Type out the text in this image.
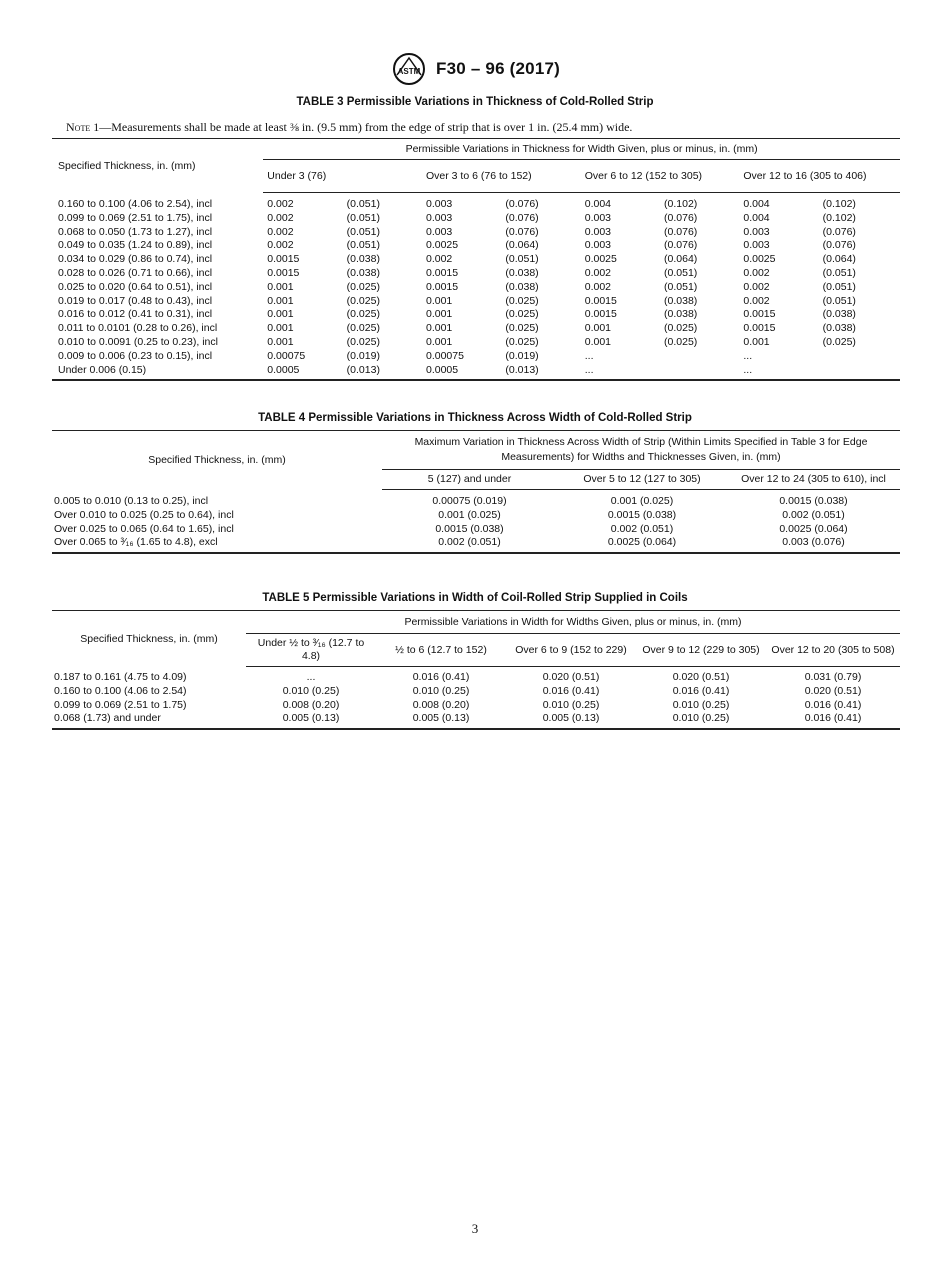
ASTM F30 – 96 (2017)
TABLE 3 Permissible Variations in Thickness of Cold-Rolled Strip
Note 1—Measurements shall be made at least ⅜ in. (9.5 mm) from the edge of strip that is over 1 in. (25.4 mm) wide.
Specified Thickness, in. (mm)	Permissible Variations in Thickness for Width Given, plus or minus, in. (mm)							
	Under 3 (76)		Over 3 to 6 (76 to 152)		Over 6 to 12 (152 to 305)		Over 12 to 16 (305 to 406)	
0.160 to 0.100 (4.06 to 2.54), incl	0.002	(0.051)	0.003	(0.076)	0.004	(0.102)	0.004	(0.102)
0.099 to 0.069 (2.51 to 1.75), incl	0.002	(0.051)	0.003	(0.076)	0.003	(0.076)	0.004	(0.102)
0.068 to 0.050 (1.73 to 1.27), incl	0.002	(0.051)	0.003	(0.076)	0.003	(0.076)	0.003	(0.076)
0.049 to 0.035 (1.24 to 0.89), incl	0.002	(0.051)	0.0025	(0.064)	0.003	(0.076)	0.003	(0.076)
0.034 to 0.029 (0.86 to 0.74), incl	0.0015	(0.038)	0.002	(0.051)	0.0025	(0.064)	0.0025	(0.064)
0.028 to 0.026 (0.71 to 0.66), incl	0.0015	(0.038)	0.0015	(0.038)	0.002	(0.051)	0.002	(0.051)
0.025 to 0.020 (0.64 to 0.51), incl	0.001	(0.025)	0.0015	(0.038)	0.002	(0.051)	0.002	(0.051)
0.019 to 0.017 (0.48 to 0.43), incl	0.001	(0.025)	0.001	(0.025)	0.0015	(0.038)	0.002	(0.051)
0.016 to 0.012 (0.41 to 0.31), incl	0.001	(0.025)	0.001	(0.025)	0.0015	(0.038)	0.0015	(0.038)
0.011 to 0.0101 (0.28 to 0.26), incl	0.001	(0.025)	0.001	(0.025)	0.001	(0.025)	0.0015	(0.038)
0.010 to 0.0091 (0.25 to 0.23), incl	0.001	(0.025)	0.001	(0.025)	0.001	(0.025)	0.001	(0.025)
0.009 to 0.006 (0.23 to 0.15), incl	0.00075	(0.019)	0.00075	(0.019)	...		...	
Under 0.006 (0.15)	0.0005	(0.013)	0.0005	(0.013)	...		...	
TABLE 4 Permissible Variations in Thickness Across Width of Cold-Rolled Strip
Specified Thickness, in. (mm)	Maximum Variation in Thickness Across Width of Strip (Within Limits Specified in Table 3 for Edge Measurements) for Widths and Thicknesses Given, in. (mm)		
	5 (127) and under	Over 5 to 12 (127 to 305)	Over 12 to 24 (305 to 610), incl
0.005 to 0.010 (0.13 to 0.25), incl	0.00075 (0.019)	0.001 (0.025)	0.0015 (0.038)
Over 0.010 to 0.025 (0.25 to 0.64), incl	0.001 (0.025)	0.0015 (0.038)	0.002 (0.051)
Over 0.025 to 0.065 (0.64 to 1.65), incl	0.0015 (0.038)	0.002 (0.051)	0.0025 (0.064)
Over 0.065 to ³⁄₁₆ (1.65 to 4.8), excl	0.002 (0.051)	0.0025 (0.064)	0.003 (0.076)
TABLE 5 Permissible Variations in Width of Coil-Rolled Strip Supplied in Coils
Specified Thickness, in. (mm)	Permissible Variations in Width for Widths Given, plus or minus, in. (mm)				
	Under ½ to ³⁄₁₆ (12.7 to 4.8)	½ to 6 (12.7 to 152)	Over 6 to 9 (152 to 229)	Over 9 to 12 (229 to 305)	Over 12 to 20 (305 to 508)
0.187 to 0.161 (4.75 to 4.09)	...	0.016 (0.41)	0.020 (0.51)	0.020 (0.51)	0.031 (0.79)
0.160 to 0.100 (4.06 to 2.54)	0.010 (0.25)	0.010 (0.25)	0.016 (0.41)	0.016 (0.41)	0.020 (0.51)
0.099 to 0.069 (2.51 to 1.75)	0.008 (0.20)	0.008 (0.20)	0.010 (0.25)	0.010 (0.25)	0.016 (0.41)
0.068 (1.73) and under	0.005 (0.13)	0.005 (0.13)	0.005 (0.13)	0.010 (0.25)	0.016 (0.41)
3
